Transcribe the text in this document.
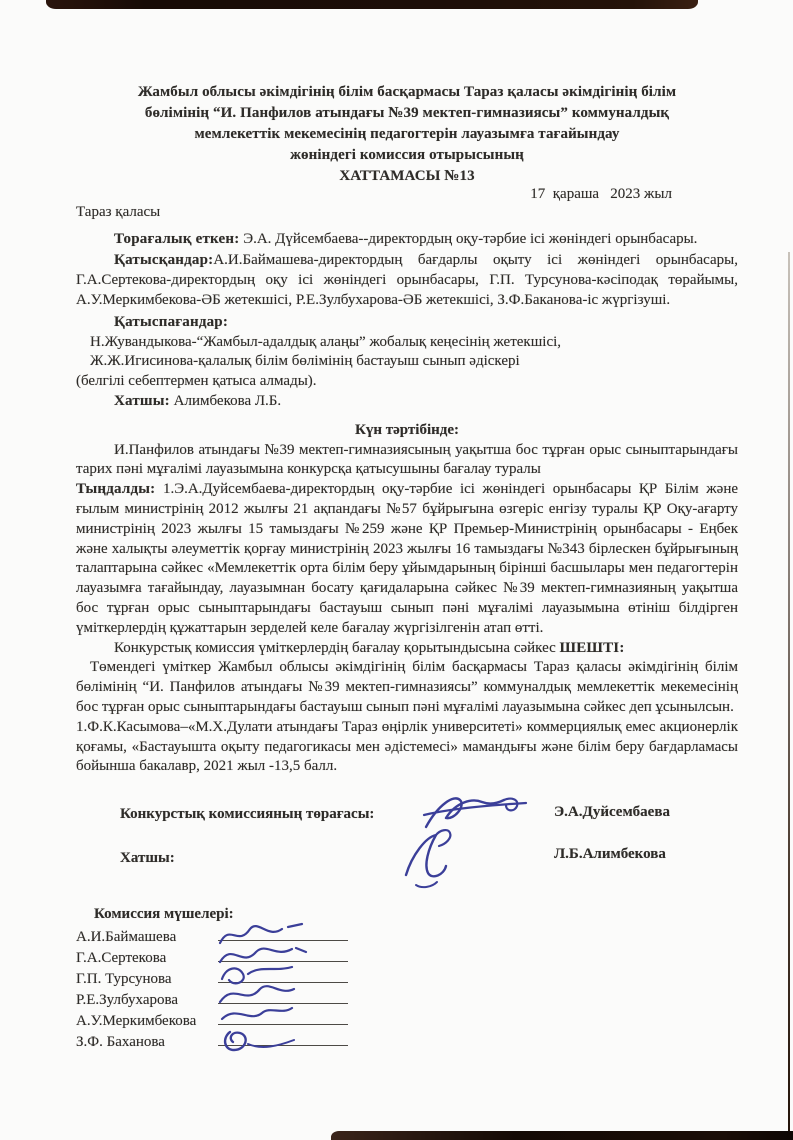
Жамбыл облысы әкімдігінің білім басқармасы Тараз қаласы әкімдігінің білім
бөлімінің “И. Панфилов атындағы №39 мектеп-гимназиясы” коммуналдық
мемлекеттік мекемесінің педагогтерін лауазымға тағайындау
жөніндегі комиссия отырысының
ХАТТАМАСЫ №13
17  қараша   2023 жыл
Тараз қаласы

Торағалық еткен: Э.А. Дүйсембаева--директордың оқу-тәрбие ісі жөніндегі орынбасары.

Қатысқандар:А.И.Баймашева-директордың бағдарлы оқыту ісі жөніндегі орынбасары, Г.А.Сертекова-директордың оқу ісі жөніндегі орынбасары, Г.П. Турсунова-кәсіподақ төрайымы, А.У.Меркимбекова-ӘБ жетекшісі, Р.Е.Зулбухарова-ӘБ жетекшісі, З.Ф.Баканова-іс жүргізуші.

Қатыспағандар:

Н.Жувандыкова-“Жамбыл-адалдық алаңы” жобалық кеңесінің жетекшісі,

Ж.Ж.Игисинова-қалалық білім бөлімінің бастауыш сынып әдіскері

(белгілі себептермен қатыса алмады).

Хатшы: Алимбекова Л.Б.

Күн тәртібінде:

И.Панфилов атындағы №39 мектеп-гимназиясының уақытша бос тұрған орыс сыныптарындағы тарих пәні мұғалімі лауазымына конкурсқа қатысушыны бағалау туралы

Тыңдалды: 1.Э.А.Дуйсембаева-директордың оқу-тәрбие ісі жөніндегі орынбасары ҚР Білім және ғылым министрінің 2012 жылғы 21 ақпандағы №57 бұйрығына өзгеріс енгізу туралы ҚР Оқу-ағарту министрінің 2023 жылғы 15 тамыздағы №259 және ҚР Премьер-Министрінің орынбасары - Еңбек және халықты әлеуметтік қорғау министрінің 2023 жылғы 16 тамыздағы №343 бірлескен бұйрығының талаптарына сәйкес «Мемлекеттік орта білім беру ұйымдарының бірінші басшылары мен педагогтерін лауазымға тағайындау, лауазымнан босату қағидаларына сәйкес №39 мектеп-гимназияның уақытша бос тұрған орыс сыныптарындағы бастауыш сынып пәні мұғалімі лауазымына өтініш білдірген үміткерлердің құжаттарын зерделей келе бағалау жүргізілгенін атап өтті.

Конкурстық комиссия үміткерлердің бағалау қорытындысына сәйкес ШЕШТІ:

Төмендегі үміткер Жамбыл облысы әкімдігінің білім басқармасы Тараз қаласы әкімдігінің білім бөлімінің “И. Панфилов атындағы №39 мектеп-гимназиясы” коммуналдық мемлекеттік мекемесінің бос тұрған орыс сыныптарындағы бастауыш сынып пәні мұғалімі лауазымына сәйкес деп ұсынылсын.

1.Ф.К.Касымова–«М.Х.Дулати атындағы Тараз өңірлік университеті» коммерциялық емес акционерлік қоғамы, «Бастауышта оқыту педагогикасы мен әдістемесі» мамандығы және білім беру бағдарламасы бойынша бакалавр, 2021 жыл -13,5 балл.

Конкурстық комиссияның төрағасы:	Э.А.Дуйсембаева
Хатшы:	Л.Б.Алимбекова
Комиссия мүшелері:
А.И.Баймашева
Г.А.Сертекова
Г.П. Турсунова
Р.Е.Зулбухарова
А.У.Меркимбекова
З.Ф. Баханова
